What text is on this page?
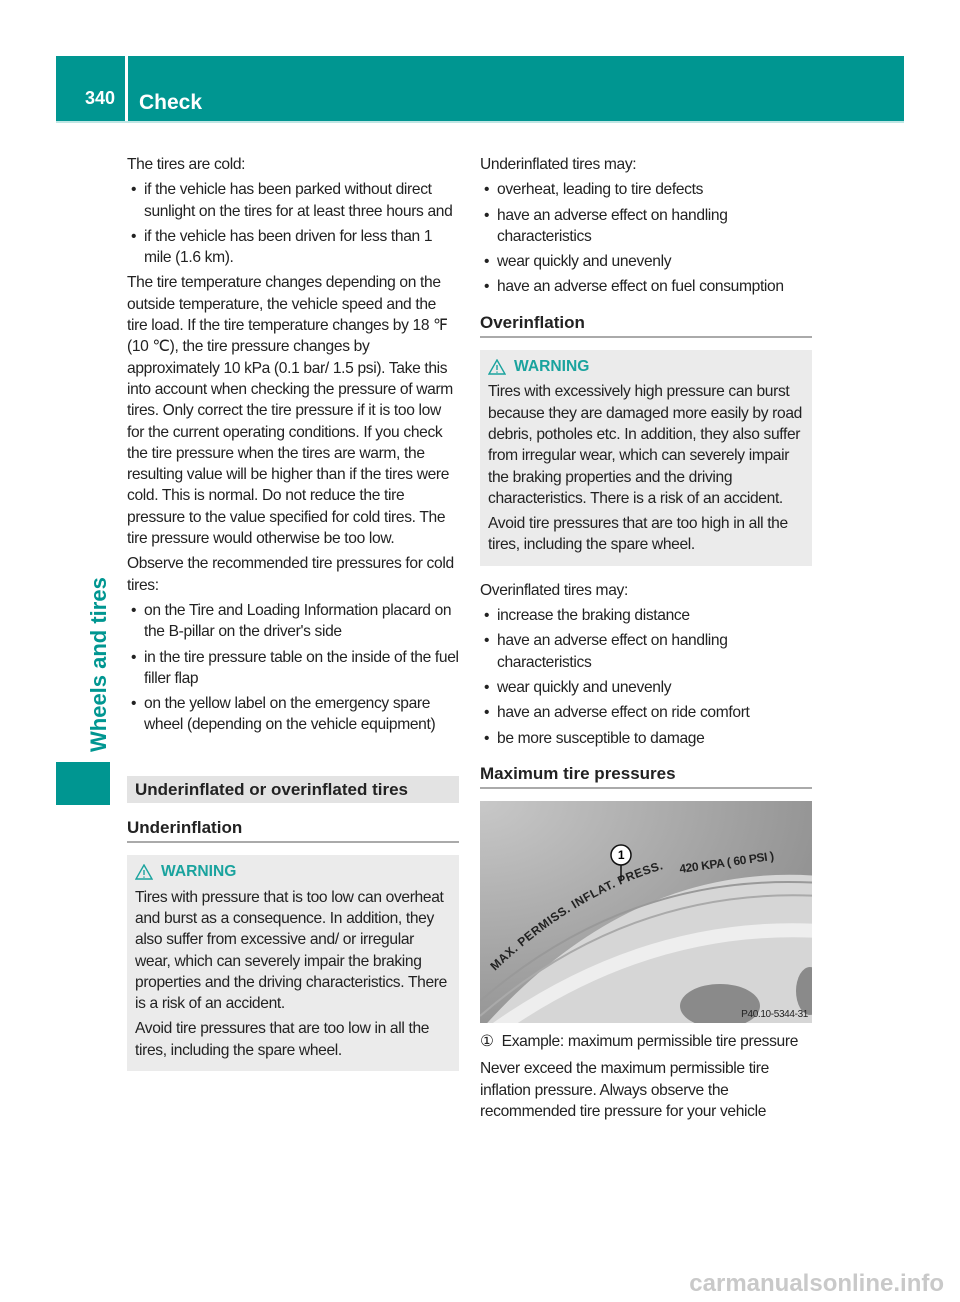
340	Check
Wheels and tires

The tires are cold:

• if the vehicle has been parked without direct sunlight on the tires for at least three hours and
• if the vehicle has been driven for less than 1 mile (1.6 km).

The tire temperature changes depending on the outside temperature, the vehicle speed and the tire load. If the tire temperature changes by 18 ℉ (10 ℃), the tire pressure changes by approximately 10 kPa (0.1 bar/ 1.5 psi). Take this into account when checking the pressure of warm tires. Only correct the tire pressure if it is too low for the current operating conditions. If you check the tire pressure when the tires are warm, the resulting value will be higher than if the tires were cold. This is normal. Do not reduce the tire pressure to the value specified for cold tires. The tire pressure would otherwise be too low.

Observe the recommended tire pressures for cold tires:

• on the Tire and Loading Information placard on the B-pillar on the driver's side
• in the tire pressure table on the inside of the fuel filler flap
• on the yellow label on the emergency spare wheel (depending on the vehicle equipment)
Underinflated or overinflated tires
Underinflation
WARNING

Tires with pressure that is too low can overheat and burst as a consequence. In addition, they also suffer from excessive and/ or irregular wear, which can severely impair the braking properties and the driving characteristics. There is a risk of an accident.

Avoid tire pressures that are too low in all the tires, including the spare wheel.

Underinflated tires may:

• overheat, leading to tire defects
• have an adverse effect on handling characteristics
• wear quickly and unevenly
• have an adverse effect on fuel consumption
Overinflation
WARNING

Tires with excessively high pressure can burst because they are damaged more easily by road debris, potholes etc. In addition, they also suffer from irregular wear, which can severely impair the braking properties and the driving characteristics. There is a risk of an accident.

Avoid tire pressures that are too high in all the tires, including the spare wheel.

Overinflated tires may:

• increase the braking distance
• have an adverse effect on handling characteristics
• wear quickly and unevenly
• have an adverse effect on ride comfort
• be more susceptible to damage
Maximum tire pressures
MAX. PERMISS. INFLAT. PRESS. 420 KPA ( 60 PSI )
1
P40.10-5344-31
① Example: maximum permissible tire pressure

Never exceed the maximum permissible tire inflation pressure. Always observe the recommended tire pressure for your vehicle

carmanualsonline.info
